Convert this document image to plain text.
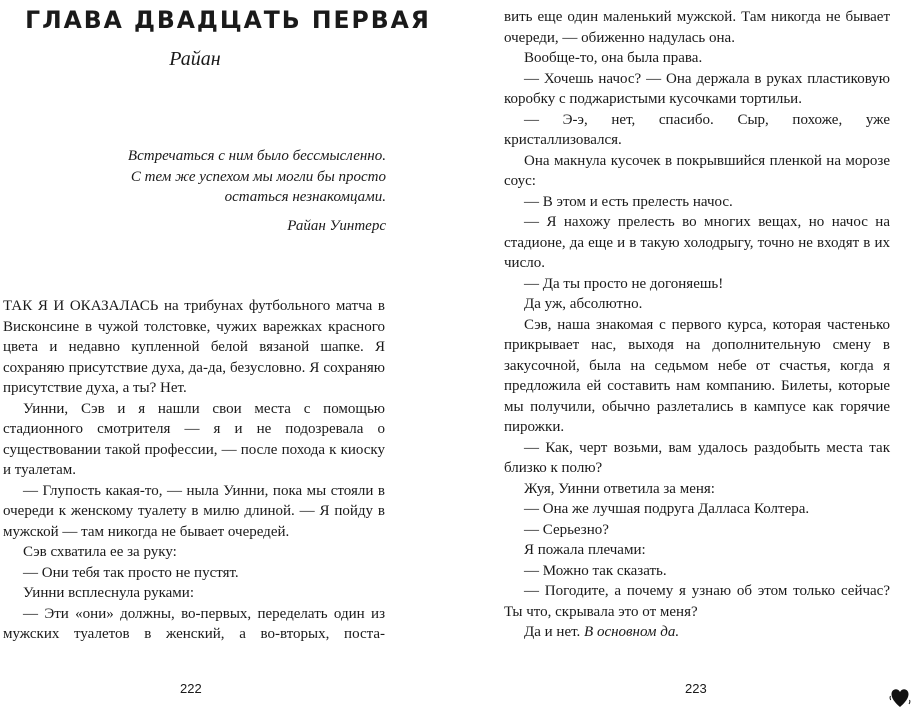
ГЛАВА ДВАДЦАТЬ ПЕРВАЯ
Райан
Встречаться с ним было бессмысленно.
С тем же успехом мы могли бы просто
остаться незнакомцами.
Райан Уинтерс

ТАК Я И ОКАЗАЛАСЬ на трибунах футбольного матча в Висконсине в чужой толстовке, чужих варежках красного цвета и недавно купленной белой вязаной шапке. Я сохраняю присутствие духа, да-да, безусловно. Я сохраняю присутствие духа, а ты? Нет.

Уинни, Сэв и я нашли свои места с помощью стадионного смотрителя — я и не подозревала о существовании такой профессии, — после похода к киоску и туалетам.

— Глупость какая-то, — ныла Уинни, пока мы стояли в очереди к женскому туалету в милю длиной. — Я пойду в мужской — там никогда не бывает очередей.

Сэв схватила ее за руку:

— Они тебя так просто не пустят.

Уинни всплеснула руками:

— Эти «они» должны, во-первых, переделать один из мужских туалетов в женский, а во-вторых, поста-

222

вить еще один маленький мужской. Там никогда не бывает очереди, — обиженно надулась она.

Вообще-то, она была права.

— Хочешь начос? — Она держала в руках пластиковую коробку с поджаристыми кусочками тортильи.

— Э-э, нет, спасибо. Сыр, похоже, уже кристаллизовался.

Она макнула кусочек в покрывшийся пленкой на морозе соус:

— В этом и есть прелесть начос.

— Я нахожу прелесть во многих вещах, но начос на стадионе, да еще и в такую холодрыгу, точно не входят в их число.

— Да ты просто не догоняешь!

Да уж, абсолютно.

Сэв, наша знакомая с первого курса, которая частенько прикрывает нас, выходя на дополнительную смену в закусочной, была на седьмом небе от счастья, когда я предложила ей составить нам компанию. Билеты, которые мы получили, обычно разлетались в кампусе как горячие пирожки.

— Как, черт возьми, вам удалось раздобыть места так близко к полю?

Жуя, Уинни ответила за меня:

— Она же лучшая подруга Далласа Колтера.

— Серьезно?

Я пожала плечами:

— Можно так сказать.

— Погодите, а почему я узнаю об этом только сейчас? Ты что, скрывала это от меня?

Да и нет. В основном да.

223
